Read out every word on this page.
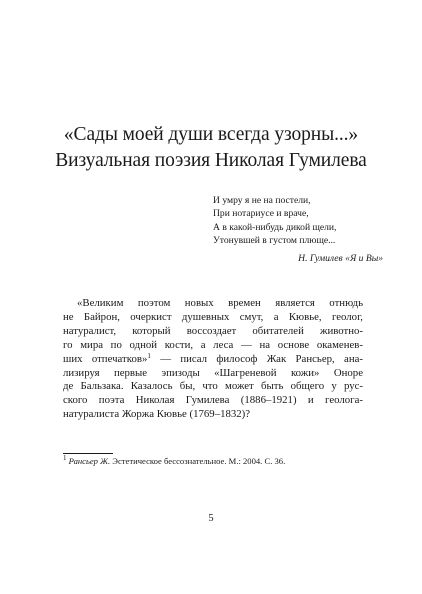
«Сады моей души всегда узорны...»
Визуальная поэзия Николая Гумилева
И умру я не на постели,
При нотариусе и враче,
А в какой-нибудь дикой щели,
Утонувшей в густом плюще...
Н. Гумилев «Я и Вы»
«Великим поэтом новых времен является отнюдь
не Байрон, очеркист душевных смут, а Кювье, геолог,
натуралист, который воссоздает обитателей животно-
го мира по одной кости, а леса — на основе окаменев-
ших отпечатков»$^1$ — писал философ Жак Рансьер, ана-
лизируя первые эпизоды «Шагреневой кожи» Оноре
де Бальзака. Казалось бы, что может быть общего у рус-
ского поэта Николая Гумилева (1886–1921) и геолога-
натуралиста Жоржа Кювье (1769–1832)?
$^1$ Рансьер Ж. Эстетическое бессознательное. М.: 2004. С. 36.
5
